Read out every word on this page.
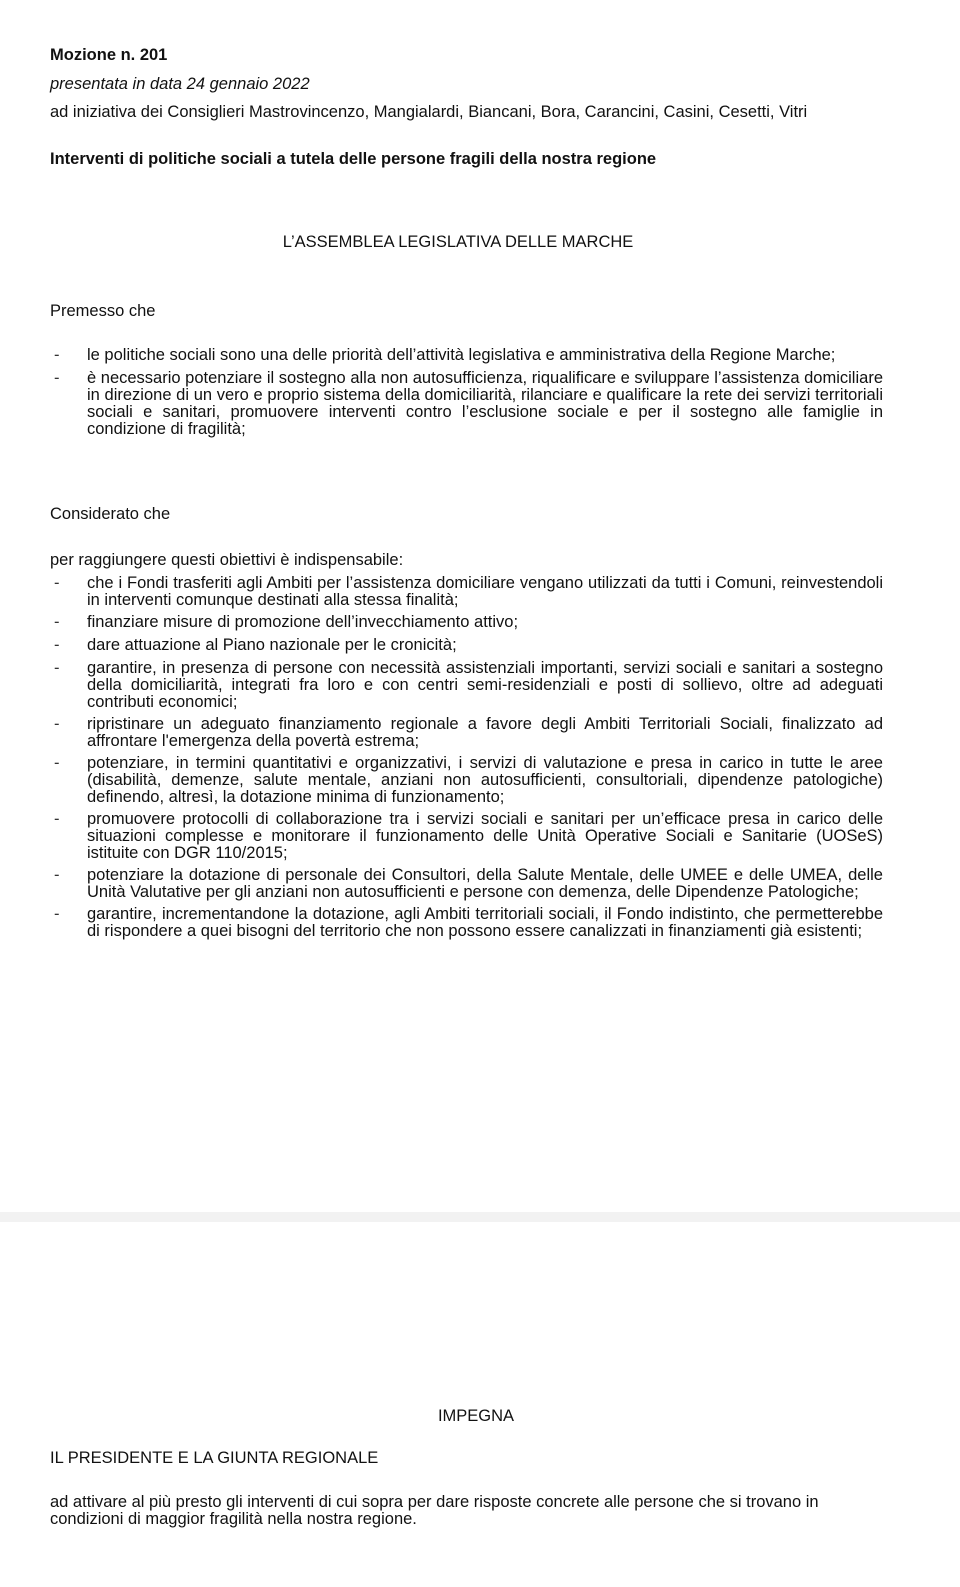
Mozione n. 201
presentata in data 24 gennaio 2022
ad iniziativa dei Consiglieri Mastrovincenzo, Mangialardi, Biancani, Bora, Carancini, Casini, Cesetti, Vitri
Interventi di politiche sociali a tutela delle persone fragili della nostra regione
L’ASSEMBLEA LEGISLATIVA DELLE MARCHE
Premesso che
- le politiche sociali sono una delle priorità dell’attività legislativa e amministrativa della Regione Marche;
- è necessario potenziare il sostegno alla non autosufficienza, riqualificare e sviluppare l’assistenza domiciliare in direzione di un vero e proprio sistema della domiciliarità, rilanciare e qualificare la rete dei servizi territoriali sociali e sanitari, promuovere interventi contro l’esclusione sociale e per il sostegno alle famiglie in condizione di fragilità;
Considerato che
per raggiungere questi obiettivi è indispensabile:
- che i Fondi trasferiti agli Ambiti per l’assistenza domiciliare vengano utilizzati da tutti i Comuni, reinvestendoli in interventi comunque destinati alla stessa finalità;
- finanziare misure di promozione dell’invecchiamento attivo;
- dare attuazione al Piano nazionale per le cronicità;
- garantire, in presenza di persone con necessità assistenziali importanti, servizi sociali e sanitari a sostegno della domiciliarità, integrati fra loro e con centri semi-residenziali e posti di sollievo, oltre ad adeguati contributi economici;
- ripristinare un adeguato finanziamento regionale a favore degli Ambiti Territoriali Sociali, finalizzato ad affrontare l'emergenza della povertà estrema;
- potenziare, in termini quantitativi e organizzativi, i servizi di valutazione e presa in carico in tutte le aree (disabilità, demenze, salute mentale, anziani non autosufficienti, consultoriali, dipendenze patologiche) definendo, altresì, la dotazione minima di funzionamento;
- promuovere protocolli di collaborazione tra i servizi sociali e sanitari per un’efficace presa in carico delle situazioni complesse e monitorare il funzionamento delle Unità Operative Sociali e Sanitarie (UOSeS) istituite con DGR 110/2015;
- potenziare la dotazione di personale dei Consultori, della Salute Mentale, delle UMEE e delle UMEA, delle Unità Valutative per gli anziani non autosufficienti e persone con demenza, delle Dipendenze Patologiche;
- garantire, incrementandone la dotazione, agli Ambiti territoriali sociali, il Fondo indistinto, che permetterebbe di rispondere a quei bisogni del territorio che non possono essere canalizzati in finanziamenti già esistenti;
IMPEGNA
IL PRESIDENTE E LA GIUNTA REGIONALE
ad attivare al più presto gli interventi di cui sopra per dare risposte concrete alle persone che si trovano in condizioni di maggior fragilità nella nostra regione.
